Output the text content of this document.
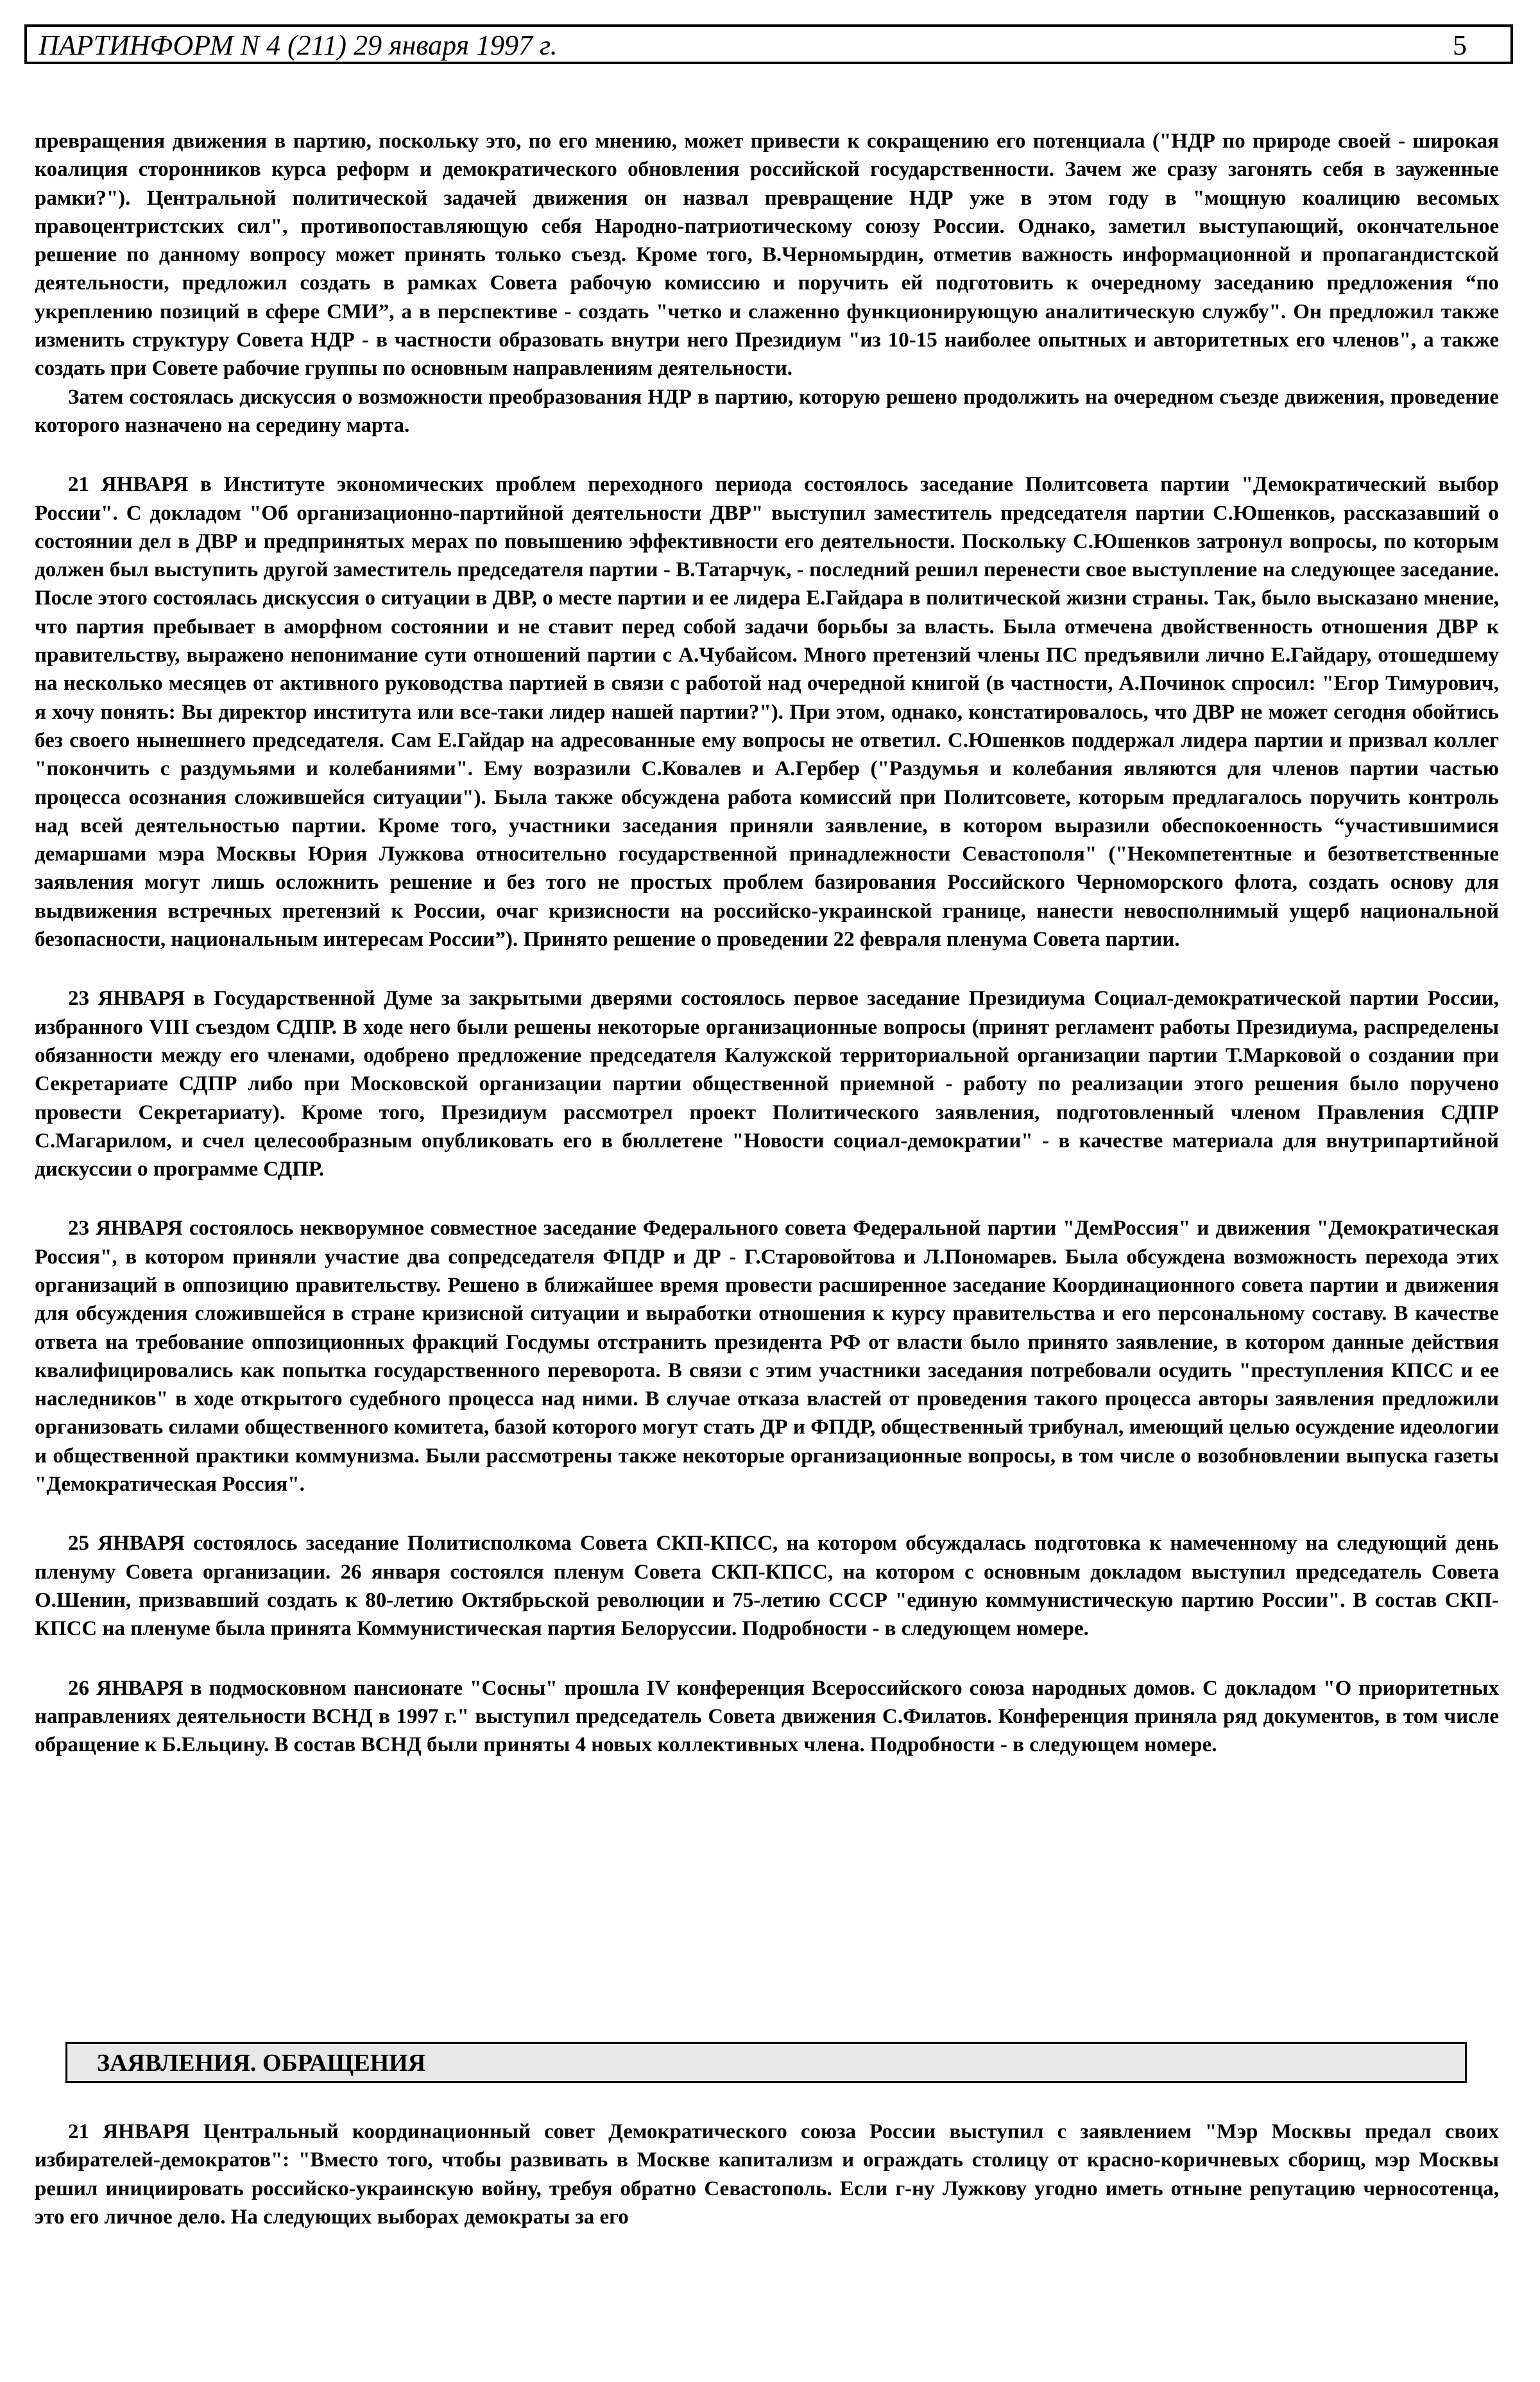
ПАРТИНФОРМ N 4 (211) 29 января 1997 г.	5

превращения движения в партию, поскольку это, по его мнению, может привести к сокращению его потенциала ("НДР по природе своей - широкая коалиция сторонников курса реформ и демократического обновления российской государственности. Зачем же сразу загонять себя в зауженные рамки?"). Центральной политической задачей движения он назвал превращение НДР уже в этом году в "мощную коалицию весомых правоцентристских сил", противопоставляющую себя Народно-патриотическому союзу России. Однако, заметил выступающий, окончательное решение по данному вопросу может принять только съезд. Кроме того, В.Черномырдин, отметив важность информационной и пропагандистской деятельности, предложил создать в рамках Совета рабочую комиссию и поручить ей подготовить к очередному заседанию предложения “по укреплению позиций в сфере СМИ”, а в перспективе - создать "четко и слаженно функционирующую аналитическую службу". Он предложил также изменить структуру Совета НДР - в частности образовать внутри него Президиум "из 10-15 наиболее опытных и авторитетных его членов", а также создать при Совете рабочие группы по основным направлениям деятельности.

Затем состоялась дискуссия о возможности преобразования НДР в партию, которую решено продолжить на очередном съезде движения, проведение которого назначено на середину марта.

21 ЯНВАРЯ в Институте экономических проблем переходного периода состоялось заседание Политсовета партии "Демократический выбор России". С докладом "Об организационно-партийной деятельности ДВР" выступил заместитель председателя партии С.Юшенков, рассказавший о состоянии дел в ДВР и предпринятых мерах по повышению эффективности его деятельности. Поскольку С.Юшенков затронул вопросы, по которым должен был выступить другой заместитель председателя партии - В.Татарчук, - последний решил перенести свое выступление на следующее заседание. После этого состоялась дискуссия о ситуации в ДВР, о месте партии и ее лидера Е.Гайдара в политической жизни страны. Так, было высказано мнение, что партия пребывает в аморфном состоянии и не ставит перед собой задачи борьбы за власть. Была отмечена двойственность отношения ДВР к правительству, выражено непонимание сути отношений партии с А.Чубайсом. Много претензий члены ПС предъявили лично Е.Гайдару, отошедшему на несколько месяцев от активного руководства партией в связи с работой над очередной книгой (в частности, А.Починок спросил: "Егор Тимурович, я хочу понять: Вы директор института или все-таки лидер нашей партии?"). При этом, однако, констатировалось, что ДВР не может сегодня обойтись без своего нынешнего председателя. Сам Е.Гайдар на адресованные ему вопросы не ответил. С.Юшенков поддержал лидера партии и призвал коллег "покончить с раздумьями и колебаниями". Ему возразили С.Ковалев и А.Гербер ("Раздумья и колебания являются для членов партии частью процесса осознания сложившейся ситуации"). Была также обсуждена работа комиссий при Политсовете, которым предлагалось поручить контроль над всей деятельностью партии. Кроме того, участники заседания приняли заявление, в котором выразили обеспокоенность “участившимися демаршами мэра Москвы Юрия Лужкова относительно государственной принадлежности Севастополя" ("Некомпетентные и безответственные заявления могут лишь осложнить решение и без того не простых проблем базирования Российского Черноморского флота, создать основу для выдвижения встречных претензий к России, очаг кризисности на российско-украинской границе, нанести невосполнимый ущерб национальной безопасности, национальным интересам России”). Принято решение о проведении 22 февраля пленума Совета партии.

23 ЯНВАРЯ в Государственной Думе за закрытыми дверями состоялось первое заседание Президиума Социал-демократической партии России, избранного VIII съездом СДПР. В ходе него были решены некоторые организационные вопросы (принят регламент работы Президиума, распределены обязанности между его членами, одобрено предложение председателя Калужской территориальной организации партии Т.Марковой о создании при Секретариате СДПР либо при Московской организации партии общественной приемной - работу по реализации этого решения было поручено провести Секретариату). Кроме того, Президиум рассмотрел проект Политического заявления, подготовленный членом Правления СДПР С.Магарилом, и счел целесообразным опубликовать его в бюллетене "Новости социал-демократии" - в качестве материала для внутрипартийной дискуссии о программе СДПР.

23 ЯНВАРЯ состоялось некворумное совместное заседание Федерального совета Федеральной партии "ДемРоссия" и движения "Демократическая Россия", в котором приняли участие два сопредседателя ФПДР и ДР - Г.Старовойтова и Л.Пономарев. Была обсуждена возможность перехода этих организаций в оппозицию правительству. Решено в ближайшее время провести расширенное заседание Координационного совета партии и движения для обсуждения сложившейся в стране кризисной ситуации и выработки отношения к курсу правительства и его персональному составу. В качестве ответа на требование оппозиционных фракций Госдумы отстранить президента РФ от власти было принято заявление, в котором данные действия квалифицировались как попытка государственного переворота. В связи с этим участники заседания потребовали осудить "преступления КПСС и ее наследников" в ходе открытого судебного процесса над ними. В случае отказа властей от проведения такого процесса авторы заявления предложили организовать силами общественного комитета, базой которого могут стать ДР и ФПДР, общественный трибунал, имеющий целью осуждение идеологии и общественной практики коммунизма. Были рассмотрены также некоторые организационные вопросы, в том числе о возобновлении выпуска газеты "Демократическая Россия".

25 ЯНВАРЯ состоялось заседание Политисполкома Совета СКП-КПСС, на котором обсуждалась подготовка к намеченному на следующий день пленуму Совета организации. 26 января состоялся пленум Совета СКП-КПСС, на котором с основным докладом выступил председатель Совета О.Шенин, призвавший создать к 80-летию Октябрьской революции и 75-летию СССР "единую коммунистическую партию России". В состав СКП-КПСС на пленуме была принята Коммунистическая партия Белоруссии. Подробности - в следующем номере.

26 ЯНВАРЯ в подмосковном пансионате "Сосны" прошла IV конференция Всероссийского союза народных домов. С докладом "О приоритетных направлениях деятельности ВСНД в 1997 г." выступил председатель Совета движения С.Филатов. Конференция приняла ряд документов, в том числе обращение к Б.Ельцину. В состав ВСНД были приняты 4 новых коллективных члена. Подробности - в следующем номере.

ЗАЯВЛЕНИЯ. ОБРАЩЕНИЯ

21 ЯНВАРЯ Центральный координационный совет Демократического союза России выступил с заявлением "Мэр Москвы предал своих избирателей-демократов": "Вместо того, чтобы развивать в Москве капитализм и ограждать столицу от красно-коричневых сборищ, мэр Москвы решил инициировать российско-украинскую войну, требуя обратно Севастополь. Если г-ну Лужкову угодно иметь отныне репутацию черносотенца, это его личное дело. На следующих выборах демократы за его
